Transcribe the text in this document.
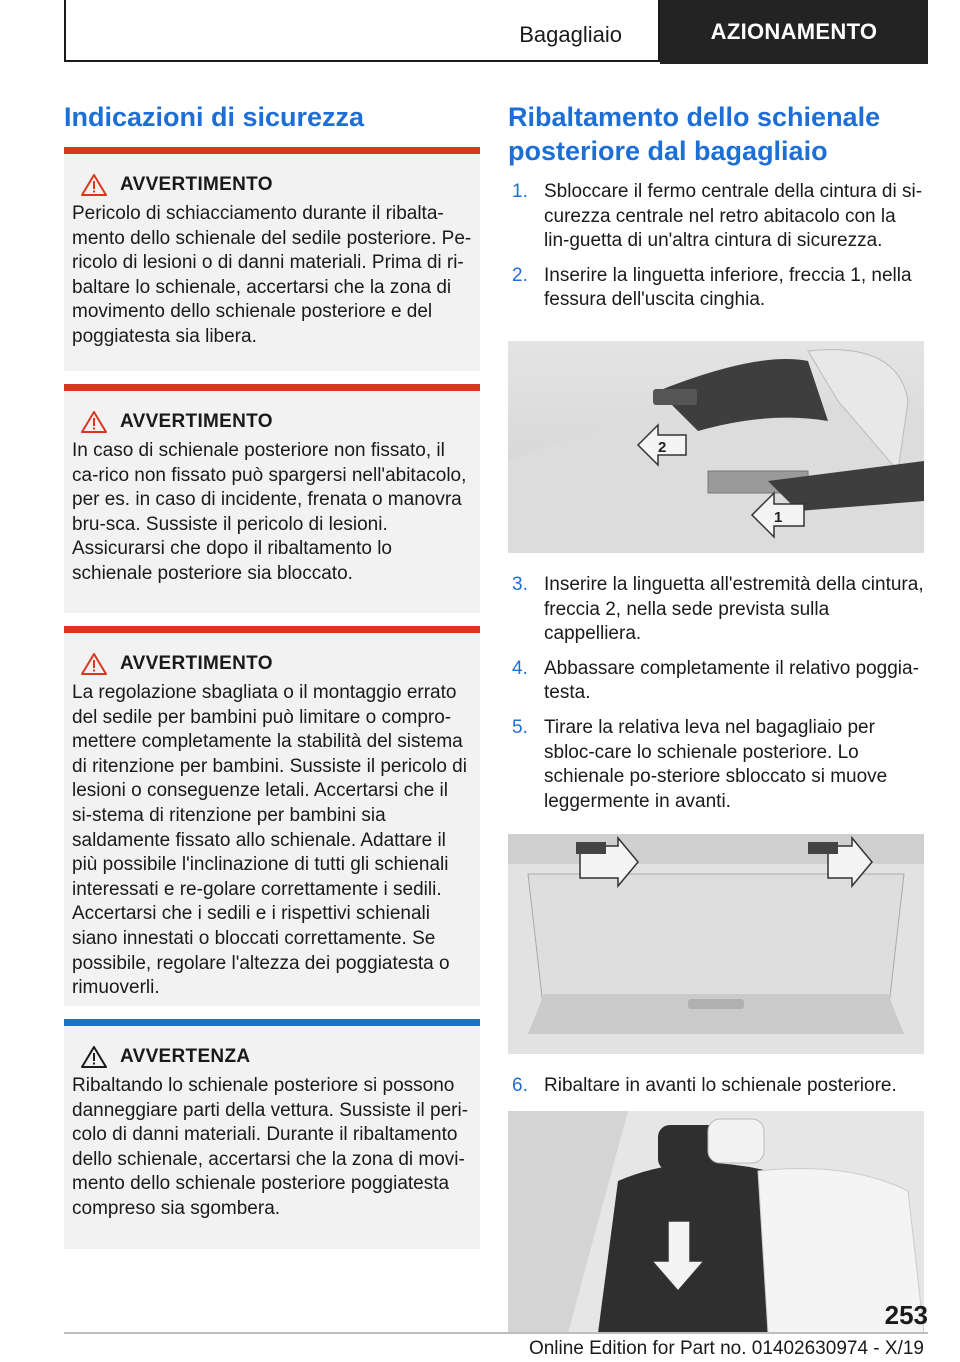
Bagagliaio	AZIONAMENTO
Indicazioni di sicurezza
AVVERTIMENTO

Pericolo di schiacciamento durante il ribalta-mento dello schienale del sedile posteriore. Pe-ricolo di lesioni o di danni materiali. Prima di ri-baltare lo schienale, accertarsi che la zona di movimento dello schienale posteriore e del poggiatesta sia libera.

AVVERTIMENTO

In caso di schienale posteriore non fissato, il ca-rico non fissato può spargersi nell'abitacolo, per es. in caso di incidente, frenata o manovra bru-sca. Sussiste il pericolo di lesioni. Assicurarsi che dopo il ribaltamento lo schienale posteriore sia bloccato.

AVVERTIMENTO

La regolazione sbagliata o il montaggio errato del sedile per bambini può limitare o compro-mettere completamente la stabilità del sistema di ritenzione per bambini. Sussiste il pericolo di lesioni o conseguenze letali. Accertarsi che il si-stema di ritenzione per bambini sia saldamente fissato allo schienale. Adattare il più possibile l'inclinazione di tutti gli schienali interessati e re-golare correttamente i sedili. Accertarsi che i sedili e i rispettivi schienali siano innestati o bloccati correttamente. Se possibile, regolare l'altezza dei poggiatesta o rimuoverli.

AVVERTENZA

Ribaltando lo schienale posteriore si possono danneggiare parti della vettura. Sussiste il peri-colo di danni materiali. Durante il ribaltamento dello schienale, accertarsi che la zona di movi-mento dello schienale posteriore poggiatesta compreso sia sgombera.

Ribaltamento dello schienale posteriore dal bagagliaio
1. Sbloccare il fermo centrale della cintura di si-curezza centrale nel retro abitacolo con la lin-guetta di un'altra cintura di sicurezza.
2. Inserire la linguetta inferiore, freccia 1, nella fessura dell'uscita cinghia.
2
1
3. Inserire la linguetta all'estremità della cintura, freccia 2, nella sede prevista sulla cappelliera.
4. Abbassare completamente il relativo poggia-testa.
5. Tirare la relativa leva nel bagagliaio per sbloc-care lo schienale posteriore. Lo schienale po-steriore sbloccato si muove leggermente in avanti.
6. Ribaltare in avanti lo schienale posteriore.
253
Online Edition for Part no. 01402630974 - X/19
